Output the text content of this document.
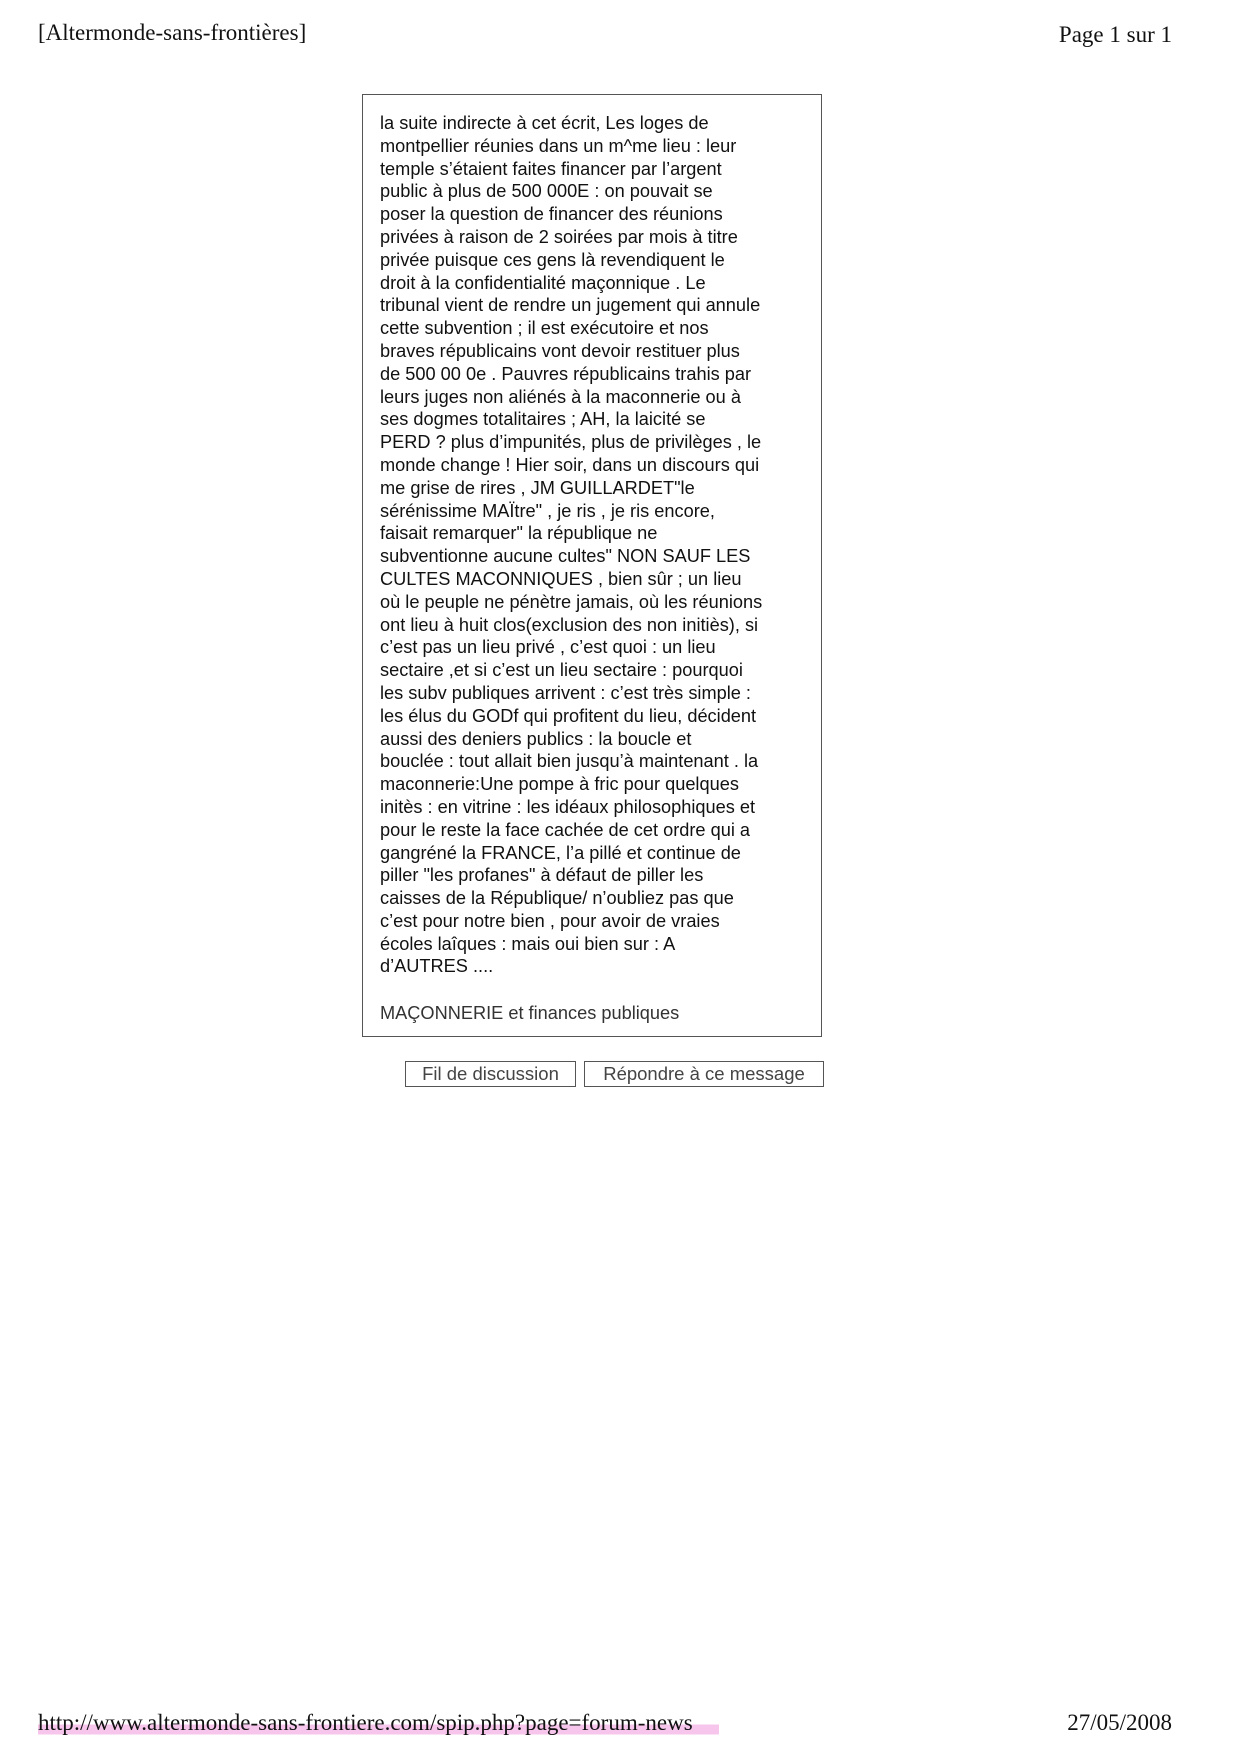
[Altermonde-sans-frontières]	Page 1 sur 1

la suite indirecte à cet écrit, Les loges de
montpellier réunies dans un m^me lieu : leur
temple s’étaient faites financer par l’argent
public à plus de 500 000E : on pouvait se
poser la question de financer des réunions
privées à raison de 2 soirées par mois à titre
privée puisque ces gens là revendiquent le
droit à la confidentialité maçonnique . Le
tribunal vient de rendre un jugement qui annule
cette subvention ; il est exécutoire et nos
braves républicains vont devoir restituer plus
de 500 00 0e . Pauvres républicains trahis par
leurs juges non aliénés à la maconnerie ou à
ses dogmes totalitaires ; AH, la laicité se
PERD ? plus d’impunités, plus de privilèges , le
monde change ! Hier soir, dans un discours qui
me grise de rires , JM GUILLARDET"le
sérénissime MAÏtre" , je ris , je ris encore,
faisait remarquer" la république ne
subventionne aucune cultes" NON SAUF LES
CULTES MACONNIQUES , bien sûr ; un lieu
où le peuple ne pénètre jamais, où les réunions
ont lieu à huit clos(exclusion des non initiès), si
c’est pas un lieu privé , c’est quoi : un lieu
sectaire ,et si c’est un lieu sectaire : pourquoi
les subv publiques arrivent : c’est très simple :
les élus du GODf qui profitent du lieu, décident
aussi des deniers publics : la boucle et
bouclée : tout allait bien jusqu’à maintenant . la
maconnerie:Une pompe à fric pour quelques
initès : en vitrine : les idéaux philosophiques et
pour le reste la face cachée de cet ordre qui a
gangréné la FRANCE, l’a pillé et continue de
piller "les profanes" à défaut de piller les
caisses de la République/ n’oubliez pas que
c’est pour notre bien , pour avoir de vraies
écoles laîques : mais oui bien sur : A
d’AUTRES ....

MAÇONNERIE et finances publiques
Fil de discussion	Répondre à ce message
http://www.altermonde-sans-frontiere.com/spip.php?page=forum-news	27/05/2008
